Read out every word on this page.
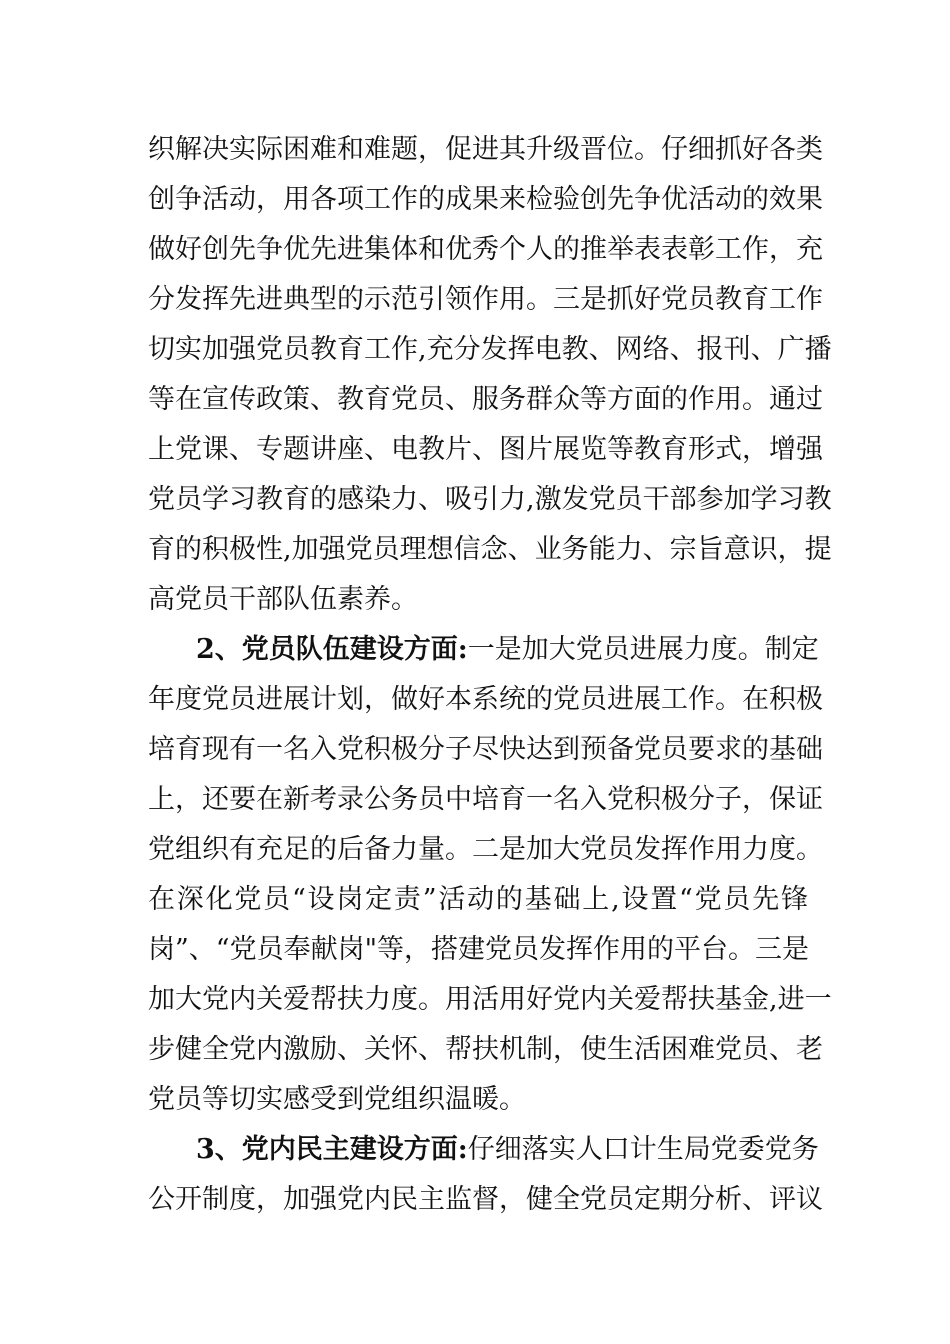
织解决实际困难和难题，促进其升级晋位。仔细抓好各类
创争活动，用各项工作的成果来检验创先争优活动的效果
做好创先争优先进集体和优秀个人的推举表表彰工作，充
分发挥先进典型的示范引领作用。三是抓好党员教育工作
切实加强党员教育工作,充分发挥电教、网络、报刊、广播
等在宣传政策、教育党员、服务群众等方面的作用。通过
上党课、专题讲座、电教片、图片展览等教育形式，增强
党员学习教育的感染力、吸引力,激发党员干部参加学习教
育的积极性,加强党员理想信念、业务能力、宗旨意识，提
高党员干部队伍素养。
2、党员队伍建设方面:一是加大党员进展力度。制定
年度党员进展计划，做好本系统的党员进展工作。在积极
培育现有一名入党积极分子尽快达到预备党员要求的基础
上，还要在新考录公务员中培育一名入党积极分子，保证
党组织有充足的后备力量。二是加大党员发挥作用力度。
在深化党员“设岗定责”活动的基础上,设置“党员先锋
岗”、“党员奉献岗"等，搭建党员发挥作用的平台。三是
加大党内关爱帮扶力度。用活用好党内关爱帮扶基金,进一
步健全党内激励、关怀、帮扶机制，使生活困难党员、老
党员等切实感受到党组织温暖。
3、党内民主建设方面:仔细落实人口计生局党委党务
公开制度，加强党内民主监督，健全党员定期分析、评议
